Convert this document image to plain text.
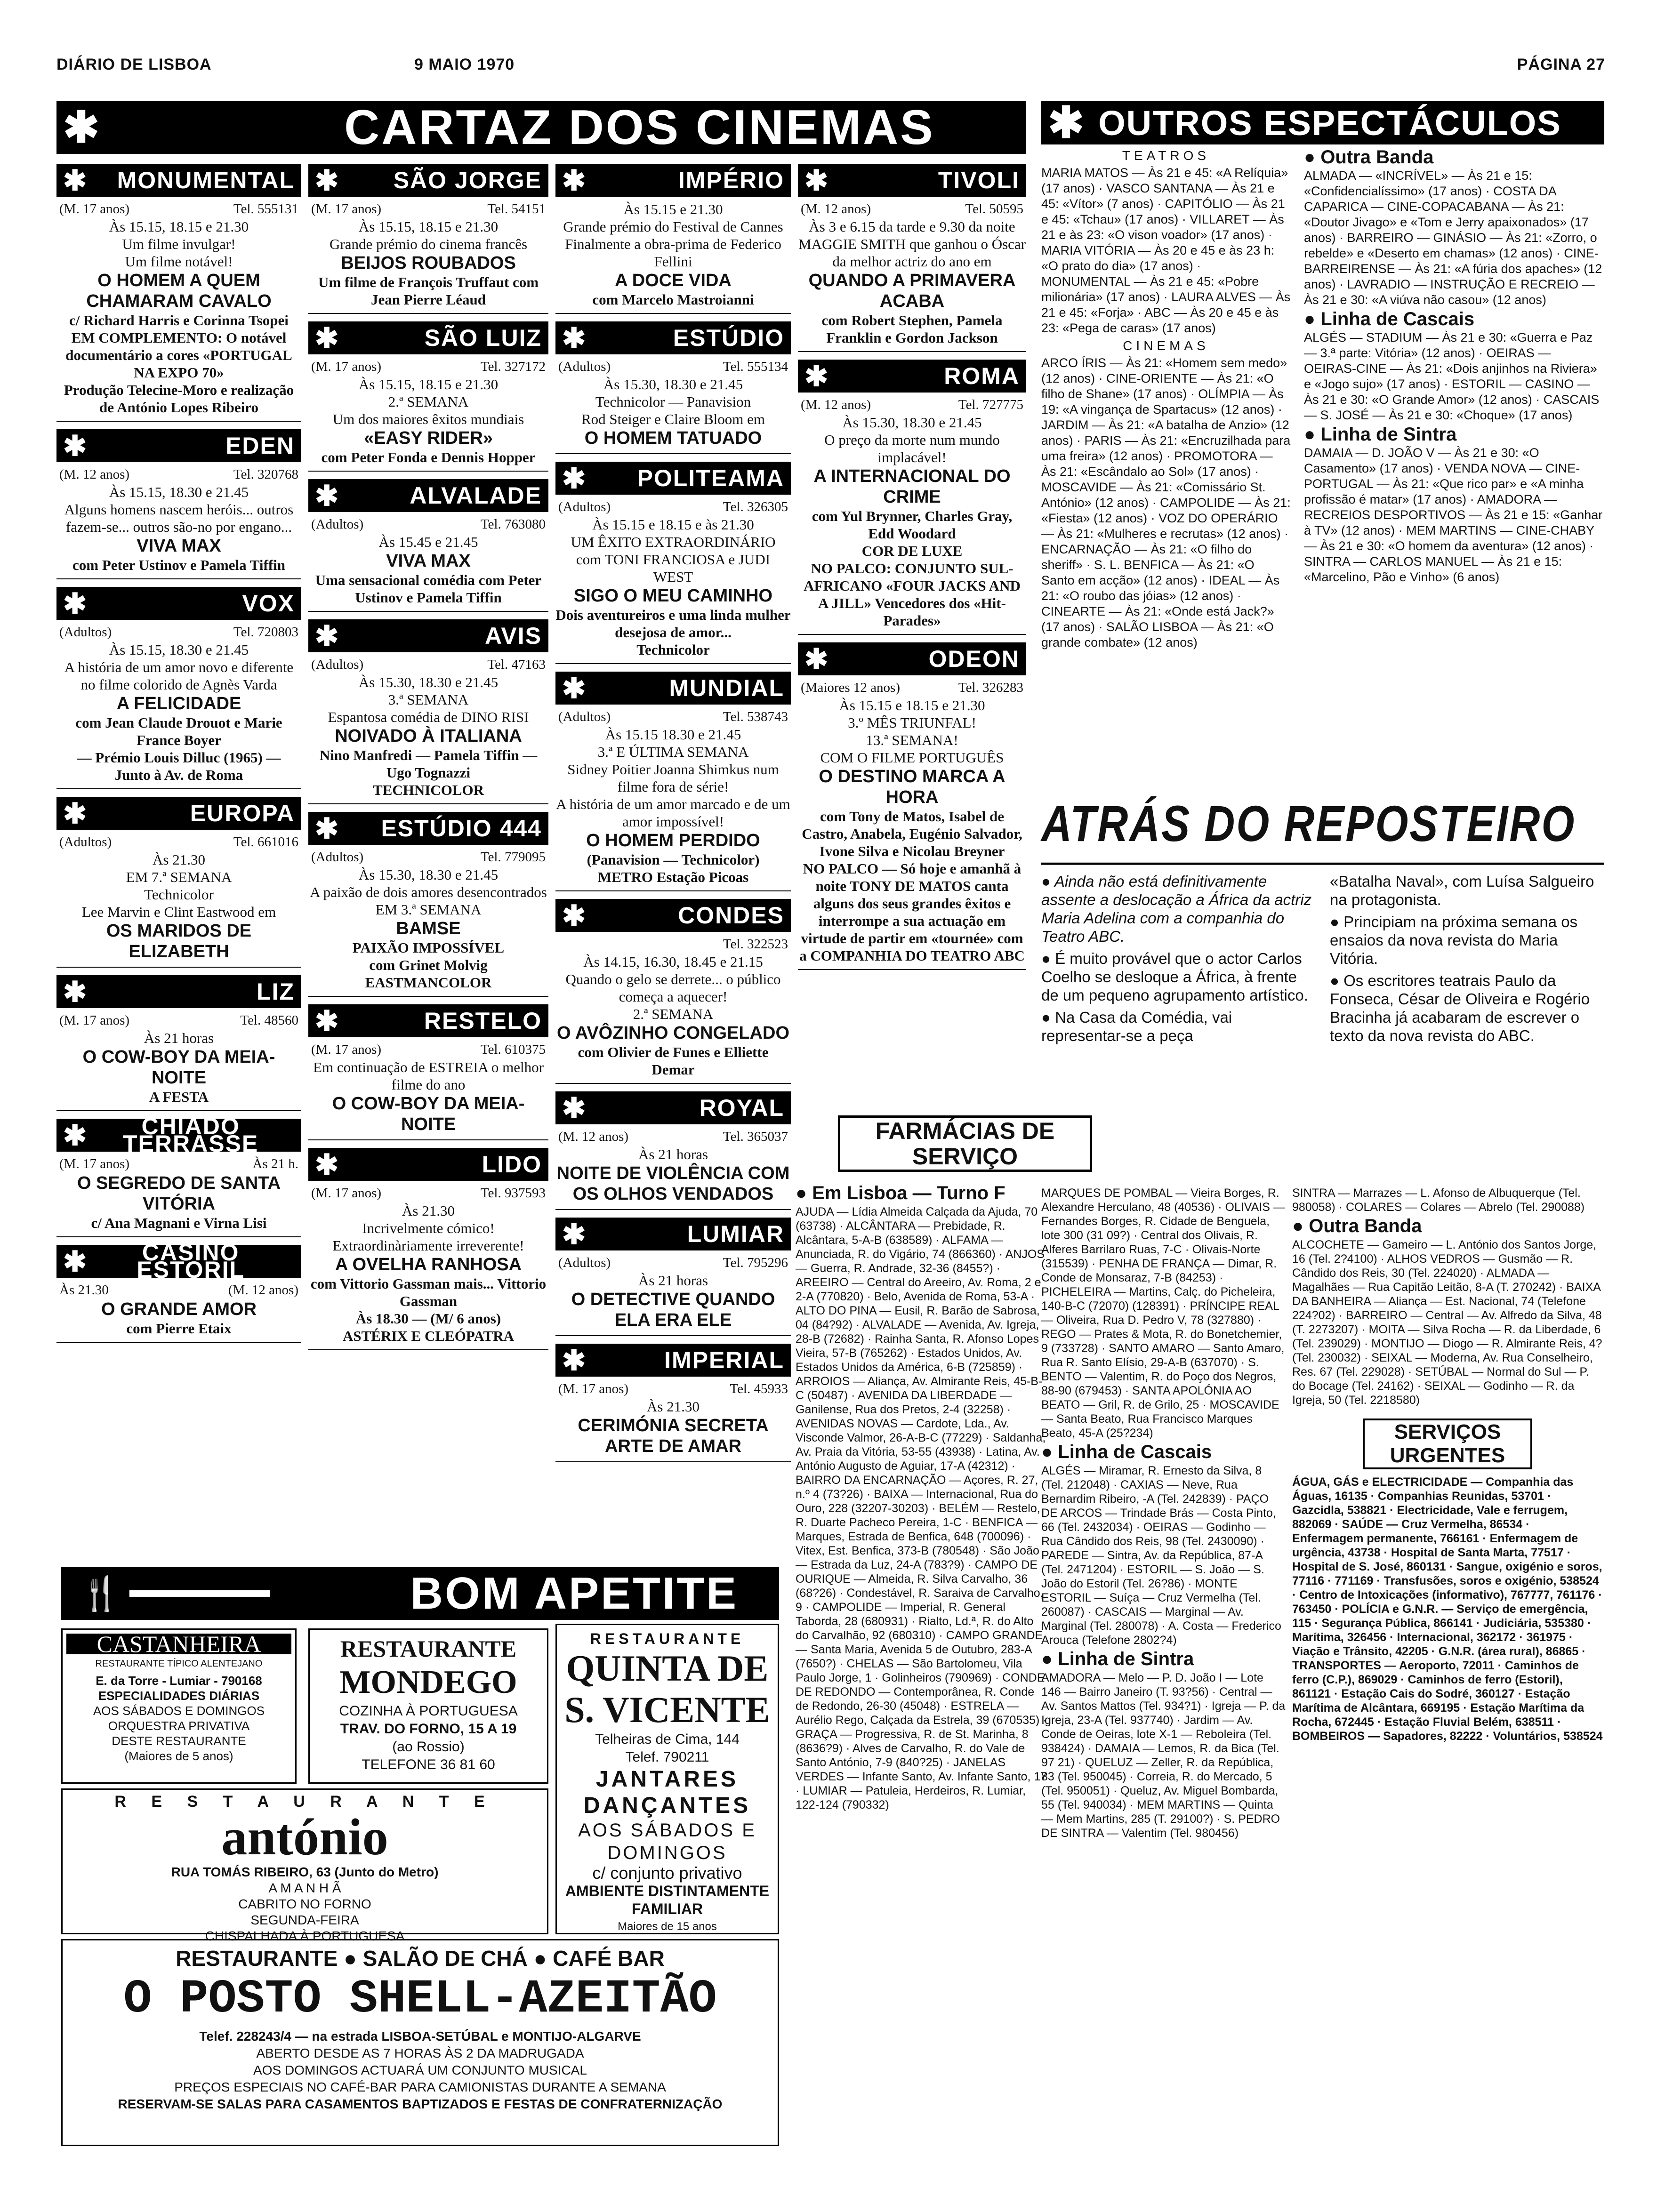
DIÁRIO DE LISBOA	9 MAIO 1970	PÁGINA 27
✱	CARTAZ DOS CINEMAS	✱ OUTROS ESPECTÁCULOS
✱ MONUMENTAL
(M. 17 anos)	Tel. 555131
Às 15.15, 18.15 e 21.30
Um filme invulgar!
Um filme notável!
O HOMEM A QUEM CHAMARAM CAVALO
c/ Richard Harris e Corinna Tsopei
EM COMPLEMENTO: O notável documentário a cores «PORTUGAL NA EXPO 70»
Produção Telecine-Moro e realização de António Lopes Ribeiro
✱	EDEN
(M. 12 anos)	Tel. 320768
Às 15.15, 18.30 e 21.45
Alguns homens nascem heróis... outros fazem-se... outros são-no por engano...
VIVA MAX
com Peter Ustinov e Pamela Tiffin
✱	VOX
(Adultos)	Tel. 720803
Às 15.15, 18.30 e 21.45
A história de um amor novo e diferente no filme colorido de Agnès Varda
A FELICIDADE
com Jean Claude Drouot e Marie France Boyer
— Prémio Louis Dilluc (1965) —
Junto à Av. de Roma
✱	EUROPA
(Adultos)	Tel. 661016
Às 21.30
EM 7.ª SEMANA
Technicolor
Lee Marvin e Clint Eastwood em
OS MARIDOS DE ELIZABETH
✱	LIZ
(M. 17 anos)	Tel. 48560
Às 21 horas
O COW-BOY DA MEIA-NOITE
A FESTA
✱	CHIADO TERRASSE
(M. 17 anos)	Às 21 h.
O SEGREDO DE SANTA VITÓRIA
c/ Ana Magnani e Virna Lisi
✱	CASINO ESTORIL
Às 21.30	(M. 12 anos)
O GRANDE AMOR
com Pierre Etaix
✱ SÃO JORGE
(M. 17 anos)	Tel. 54151
Às 15.15, 18.15 e 21.30
Grande prémio do cinema francês
BEIJOS ROUBADOS
Um filme de François Truffaut com Jean Pierre Léaud
✱	SÃO LUIZ
(M. 17 anos)	Tel. 327172
Às 15.15, 18.15 e 21.30
2.ª SEMANA
Um dos maiores êxitos mundiais
«EASY RIDER»
com Peter Fonda e Dennis Hopper
✱	ALVALADE
(Adultos)	Tel. 763080
Às 15.45 e 21.45
VIVA MAX
Uma sensacional comédia com Peter Ustinov e Pamela Tiffin
✱	AVIS
(Adultos)	Tel. 47163
Às 15.30, 18.30 e 21.45
3.ª SEMANA
Espantosa comédia de DINO RISI
NOIVADO À ITALIANA
Nino Manfredi — Pamela Tiffin — Ugo Tognazzi
TECHNICOLOR
✱ ESTÚDIO 444
(Adultos)	Tel. 779095
Às 15.30, 18.30 e 21.45
A paixão de dois amores desencontrados
EM 3.ª SEMANA
BAMSE
PAIXÃO IMPOSSÍVEL
com Grinet Molvig
EASTMANCOLOR
✱	RESTELO
(M. 17 anos)	Tel. 610375
Em continuação de ESTREIA o melhor filme do ano
O COW-BOY DA MEIA-NOITE
✱	LIDO
(M. 17 anos)	Tel. 937593
Às 21.30
Incrivelmente cómico! Extraordinàriamente irreverente!
A OVELHA RANHOSA
com Vittorio Gassman mais... Vittorio Gassman
Às 18.30 — (M/ 6 anos)
ASTÉRIX E CLEÓPATRA
✱	IMPÉRIO
Às 15.15 e 21.30
Grande prémio do Festival de Cannes
Finalmente a obra-prima de Federico Fellini
A DOCE VIDA
com Marcelo Mastroianni
✱	ESTÚDIO
(Adultos)	Tel. 555134
Às 15.30, 18.30 e 21.45
Technicolor — Panavision
Rod Steiger e Claire Bloom em
O HOMEM TATUADO
✱ POLITEAMA
(Adultos)	Tel. 326305
Às 15.15 e 18.15 e às 21.30
UM ÊXITO EXTRAORDINÁRIO
com TONI FRANCIOSA e JUDI WEST
SIGO O MEU CAMINHO
Dois aventureiros e uma linda mulher desejosa de amor...
Technicolor
✱	MUNDIAL
(Adultos)	Tel. 538743
Às 15.15 18.30 e 21.45
3.ª E ÚLTIMA SEMANA
Sidney Poitier Joanna Shimkus num filme fora de série!
A história de um amor marcado e de um amor impossível!
O HOMEM PERDIDO
(Panavision — Technicolor)
METRO Estação Picoas
✱	CONDES
Tel. 322523
Às 14.15, 16.30, 18.45 e 21.15
Quando o gelo se derrete... o público começa a aquecer!
2.ª SEMANA
O AVÔZINHO CONGELADO
com Olivier de Funes e Elliette Demar
✱	ROYAL
(M. 12 anos)	Tel. 365037
Às 21 horas
NOITE DE VIOLÊNCIA COM OS OLHOS VENDADOS
✱	LUMIAR
(Adultos)	Tel. 795296
Às 21 horas
O DETECTIVE QUANDO ELA ERA ELE
✱	IMPERIAL
(M. 17 anos)	Tel. 45933
Às 21.30
CERIMÓNIA SECRETA ARTE DE AMAR
✱	TIVOLI
(M. 12 anos)	Tel. 50595
Às 3 e 6.15 da tarde e 9.30 da noite
MAGGIE SMITH que ganhou o Óscar da melhor actriz do ano em
QUANDO A PRIMAVERA ACABA
com Robert Stephen, Pamela Franklin e Gordon Jackson
✱	ROMA
(M. 12 anos)	Tel. 727775
Às 15.30, 18.30 e 21.45
O preço da morte num mundo implacável!
A INTERNACIONAL DO CRIME
com Yul Brynner, Charles Gray, Edd Woodard
COR DE LUXE
NO PALCO: CONJUNTO SUL-AFRICANO «FOUR JACKS AND A JILL» Vencedores dos «Hit-Parades»
✱	ODEON
(Maiores 12 anos)	Tel. 326283
Às 15.15 e 18.15 e 21.30
3.º MÊS TRIUNFAL!
13.ª SEMANA!
COM O FILME PORTUGUÊS
O DESTINO MARCA A HORA
com Tony de Matos, Isabel de Castro, Anabela, Eugénio Salvador, Ivone Silva e Nicolau Breyner
NO PALCO — Só hoje e amanhã à noite TONY DE MATOS canta alguns dos seus grandes êxitos e interrompe a sua actuação em virtude de partir em «tournée» com a COMPANHIA DO TEATRO ABC
TEATROS
MARIA MATOS — Às 21 e 45: «A Relíquia» (17 anos) · VASCO SANTANA — Às 21 e 45: «Vítor» (7 anos) · CAPITÓLIO — Às 21 e 45: «Tchau» (17 anos) · VILLARET — Às 21 e às 23: «O vison voador» (17 anos) · MARIA VITÓRIA — Às 20 e 45 e às 23 h: «O prato do dia» (17 anos) · MONUMENTAL — Às 21 e 45: «Pobre milionária» (17 anos) · LAURA ALVES — Às 21 e 45: «Forja» · ABC — Às 20 e 45 e às 23: «Pega de caras» (17 anos)
CINEMAS
ARCO ÍRIS — Às 21: «Homem sem medo» (12 anos) · CINE-ORIENTE — Às 21: «O filho de Shane» (17 anos) · OLÍMPIA — Às 19: «A vingança de Spartacus» (12 anos) · JARDIM — Às 21: «A batalha de Anzio» (12 anos) · PARIS — Às 21: «Encruzilhada para uma freira» (12 anos) · PROMOTORA — Às 21: «Escândalo ao Sol» (17 anos) · MOSCAVIDE — Às 21: «Comissário St. António» (12 anos) · CAMPOLIDE — Às 21: «Fiesta» (12 anos) · VOZ DO OPERÁRIO — Às 21: «Mulheres e recrutas» (12 anos) · ENCARNAÇÃO — Às 21: «O filho do sheriff» · S. L. BENFICA — Às 21: «O Santo em acção» (12 anos) · IDEAL — Às 21: «O roubo das jóias» (12 anos) · CINEARTE — Às 21: «Onde está Jack?» (17 anos) · SALÃO LISBOA — Às 21: «O grande combate» (12 anos)
● Outra Banda
ALMADA — «INCRÍVEL» — Às 21 e 15: «Confidencialíssimo» (17 anos) · COSTA DA CAPARICA — CINE-COPACABANA — Às 21: «Doutor Jivago» e «Tom e Jerry apaixonados» (17 anos) · BARREIRO — GINÁSIO — Às 21: «Zorro, o rebelde» e «Deserto em chamas» (12 anos) · CINE-BARREIRENSE — Às 21: «A fúria dos apaches» (12 anos) · LAVRADIO — INSTRUÇÃO E RECREIO — Às 21 e 30: «A viúva não casou» (12 anos)
● Linha de Cascais
ALGÉS — STADIUM — Às 21 e 30: «Guerra e Paz — 3.ª parte: Vitória» (12 anos) · OEIRAS — OEIRAS-CINE — Às 21: «Dois anjinhos na Riviera» e «Jogo sujo» (17 anos) · ESTORIL — CASINO — Às 21 e 30: «O Grande Amor» (12 anos) · CASCAIS — S. JOSÉ — Às 21 e 30: «Choque» (17 anos)
● Linha de Sintra
DAMAIA — D. JOÃO V — Às 21 e 30: «O Casamento» (17 anos) · VENDA NOVA — CINE-PORTUGAL — Às 21: «Que rico par» e «A minha profissão é matar» (17 anos) · AMADORA — RECREIOS DESPORTIVOS — Às 21 e 15: «Ganhar à TV» (12 anos) · MEM MARTINS — CINE-CHABY — Às 21 e 30: «O homem da aventura» (12 anos) · SINTRA — CARLOS MANUEL — Às 21 e 15: «Marcelino, Pão e Vinho» (6 anos)
ATRÁS DO REPOSTEIRO

● Ainda não está definitivamente assente a deslocação a África da actriz Maria Adelina com a companhia do Teatro ABC.

● É muito provável que o actor Carlos Coelho se desloque a África, à frente de um pequeno agrupamento artístico.

● Na Casa da Comédia, vai representar-se a peça

«Batalha Naval», com Luísa Salgueiro na protagonista.

● Principiam na próxima semana os ensaios da nova revista do Maria Vitória.

● Os escritores teatrais Paulo da Fonseca, César de Oliveira e Rogério Bracinha já acabaram de escrever o texto da nova revista do ABC.

FARMÁCIAS DE SERVIÇO
● Em Lisboa — Turno F
AJUDA — Lídia Almeida Calçada da Ajuda, 70 (63738) · ALCÂNTARA — Prebidade, R. Alcântara, 5-A-B (638589) · ALFAMA — Anunciada, R. do Vigário, 74 (866360) · ANJOS — Guerra, R. Andrade, 32-36 (8455?) · AREEIRO — Central do Areeiro, Av. Roma, 2 e 2-A (770820) · Belo, Avenida de Roma, 53-A · ALTO DO PINA — Eusil, R. Barão de Sabrosa, 04 (84?92) · ALVALADE — Avenida, Av. Igreja, 28-B (72682) · Rainha Santa, R. Afonso Lopes Vieira, 57-B (765262) · Estados Unidos, Av. Estados Unidos da América, 6-B (725859) · ARROIOS — Aliança, Av. Almirante Reis, 45-B-C (50487) · AVENIDA DA LIBERDADE — Ganilense, Rua dos Pretos, 2-4 (32258) · AVENIDAS NOVAS — Cardote, Lda., Av. Visconde Valmor, 26-A-B-C (77229) · Saldanha, Av. Praia da Vitória, 53-55 (43938) · Latina, Av. António Augusto de Aguiar, 17-A (42312) · BAIRRO DA ENCARNAÇÃO — Açores, R. 27, n.º 4 (73?26) · BAIXA — Internacional, Rua do Ouro, 228 (32207-30203) · BELÉM — Restelo, R. Duarte Pacheco Pereira, 1-C · BENFICA — Marques, Estrada de Benfica, 648 (700096) · Vitex, Est. Benfica, 373-B (780548) · São João — Estrada da Luz, 24-A (783?9) · CAMPO DE OURIQUE — Almeida, R. Silva Carvalho, 36 (68?26) · Condestável, R. Saraiva de Carvalho, 9 · CAMPOLIDE — Imperial, R. General Taborda, 28 (680931) · Rialto, Ld.ª, R. do Alto do Carvalhão, 92 (680310) · CAMPO GRANDE — Santa Maria, Avenida 5 de Outubro, 283-A (7650?) · CHELAS — São Bartolomeu, Vila Paulo Jorge, 1 · Golinheiros (790969) · CONDE DE REDONDO — Contemporânea, R. Conde de Redondo, 26-30 (45048) · ESTRELA — Aurélio Rego, Calçada da Estrela, 39 (670535) · GRAÇA — Progressiva, R. de St. Marinha, 8 (8636?9) · Alves de Carvalho, R. do Vale de Santo António, 7-9 (840?25) · JANELAS VERDES — Infante Santo, Av. Infante Santo, 17 · LUMIAR — Patuleia, Herdeiros, R. Lumiar, 122-124 (790332)
MARQUES DE POMBAL — Vieira Borges, R. Alexandre Herculano, 48 (40536) · OLIVAIS — Fernandes Borges, R. Cidade de Benguela, lote 300 (31 09?) · Central dos Olivais, R. Alferes Barrilaro Ruas, 7-C · Olivais-Norte (315539) · PENHA DE FRANÇA — Dimar, R. Conde de Monsaraz, 7-B (84253) · PICHELEIRA — Martins, Calç. do Picheleira, 140-B-C (72070) (128391) · PRÍNCIPE REAL — Oliveira, Rua D. Pedro V, 78 (327880) · REGO — Prates & Mota, R. do Bonetchemier, 9 (733728) · SANTO AMARO — Santo Amaro, Rua R. Santo Elísio, 29-A-B (637070) · S. BENTO — Valentim, R. do Poço dos Negros, 88-90 (679453) · SANTA APOLÓNIA AO BEATO — Gril, R. de Grilo, 25 · MOSCAVIDE — Santa Beato, Rua Francisco Marques Beato, 45-A (25?234)
● Linha de Cascais
ALGÉS — Miramar, R. Ernesto da Silva, 8 (Tel. 212048) · CAXIAS — Neve, Rua Bernardim Ribeiro, -A (Tel. 242839) · PAÇO DE ARCOS — Trindade Brás — Costa Pinto, 66 (Tel. 2432034) · OEIRAS — Godinho — Rua Cândido dos Reis, 98 (Tel. 2430090) · PAREDE — Sintra, Av. da República, 87-A (Tel. 2471204) · ESTORIL — S. João — S. João do Estoril (Tel. 26?86) · MONTE ESTORIL — Suíça — Cruz Vermelha (Tel. 260087) · CASCAIS — Marginal — Av. Marginal (Tel. 280078) · A. Costa — Frederico Arouca (Telefone 2802?4)
● Linha de Sintra
AMADORA — Melo — P. D. João I — Lote 146 — Bairro Janeiro (T. 93?56) · Central — Av. Santos Mattos (Tel. 934?1) · Igreja — P. da Igreja, 23-A (Tel. 937740) · Jardim — Av. Conde de Oeiras, lote X-1 — Reboleira (Tel. 938424) · DAMAIA — Lemos, R. da Bica (Tel. 97 21) · QUELUZ — Zeller, R. da República, 83 (Tel. 950045) · Correia, R. do Mercado, 5 (Tel. 950051) · Queluz, Av. Miguel Bombarda, 55 (Tel. 940034) · MEM MARTINS — Quinta — Mem Martins, 285 (T. 29100?) · S. PEDRO DE SINTRA — Valentim (Tel. 980456)
SINTRA — Marrazes — L. Afonso de Albuquerque (Tel. 980058) · COLARES — Colares — Abrelo (Tel. 290088)
● Outra Banda
ALCOCHETE — Gameiro — L. António dos Santos Jorge, 16 (Tel. 2?4100) · ALHOS VEDROS — Gusmão — R. Cândido dos Reis, 30 (Tel. 224020) · ALMADA — Magalhães — Rua Capitão Leitão, 8-A (T. 270242) · BAIXA DA BANHEIRA — Aliança — Est. Nacional, 74 (Telefone 224?02) · BARREIRO — Central — Av. Alfredo da Silva, 48 (T. 2273207) · MOITA — Silva Rocha — R. da Liberdade, 6 (Tel. 239029) · MONTIJO — Diogo — R. Almirante Reis, 4? (Tel. 230032) · SEIXAL — Moderna, Av. Rua Conselheiro, Res. 67 (Tel. 229028) · SETÚBAL — Normal do Sul — P. do Bocage (Tel. 24162) · SEIXAL — Godinho — R. da Igreja, 50 (Tel. 2218580)
SERVIÇOS URGENTES
ÁGUA, GÁS e ELECTRICIDADE — Companhia das Águas, 16135 · Companhias Reunidas, 53701 · Gazcidla, 538821 · Electricidade, Vale e ferrugem, 882069 · SAÚDE — Cruz Vermelha, 86534 · Enfermagem permanente, 766161 · Enfermagem de urgência, 43738 · Hospital de Santa Marta, 77517 · Hospital de S. José, 860131 · Sangue, oxigénio e soros, 77116 · 771169 · Transfusões, soros e oxigénio, 538524 · Centro de Intoxicações (informativo), 767777, 761176 · 763450 · POLÍCIA e G.N.R. — Serviço de emergência, 115 · Segurança Pública, 866141 · Judiciária, 535380 · Marítima, 326456 · Internacional, 362172 · 361975 · Viação e Trânsito, 42205 · G.N.R. (área rural), 86865 · TRANSPORTES — Aeroporto, 72011 · Caminhos de ferro (C.P.), 869029 · Caminhos de ferro (Estoril), 861121 · Estação Cais do Sodré, 360127 · Estação Marítima de Alcântara, 669195 · Estação Marítima da Rocha, 672445 · Estação Fluvial Belém, 638511 · BOMBEIROS — Sapadores, 82222 · Voluntários, 538524
🍴 ━━━━━━━	BOM APETITE
CASTANHEIRA
RESTAURANTE TÍPICO ALENTEJANO
E. da Torre - Lumiar - 790168
ESPECIALIDADES DIÁRIAS
AOS SÁBADOS E DOMINGOS
ORQUESTRA PRIVATIVA
DESTE RESTAURANTE
(Maiores de 5 anos)
RESTAURANTE
MONDEGO
COZINHA À PORTUGUESA
TRAV. DO FORNO, 15 A 19
(ao Rossio)
TELEFONE 36 81 60
RESTAURANTE
QUINTA DE S. VICENTE
Telheiras de Cima, 144
Telef. 790211
JANTARES DANÇANTES
AOS SÁBADOS E DOMINGOS
c/ conjunto privativo
AMBIENTE DISTINTAMENTE FAMILIAR
Maiores de 15 anos
R E S T A U R A N T E
antónio
RUA TOMÁS RIBEIRO, 63 (Junto do Metro)
A M A N H Ã
CABRITO NO FORNO
SEGUNDA-FEIRA
CHISPALHADA À PORTUGUESA
RESTAURANTE ● SALÃO DE CHÁ ● CAFÉ BAR
O POSTO SHELL-AZEITÃO
Telef. 228243/4 — na estrada LISBOA-SETÚBAL e MONTIJO-ALGARVE
ABERTO DESDE AS 7 HORAS ÀS 2 DA MADRUGADA
AOS DOMINGOS ACTUARÁ UM CONJUNTO MUSICAL
PREÇOS ESPECIAIS NO CAFÉ-BAR PARA CAMIONISTAS DURANTE A SEMANA
RESERVAM-SE SALAS PARA CASAMENTOS BAPTIZADOS E FESTAS DE CONFRATERNIZAÇÃO
